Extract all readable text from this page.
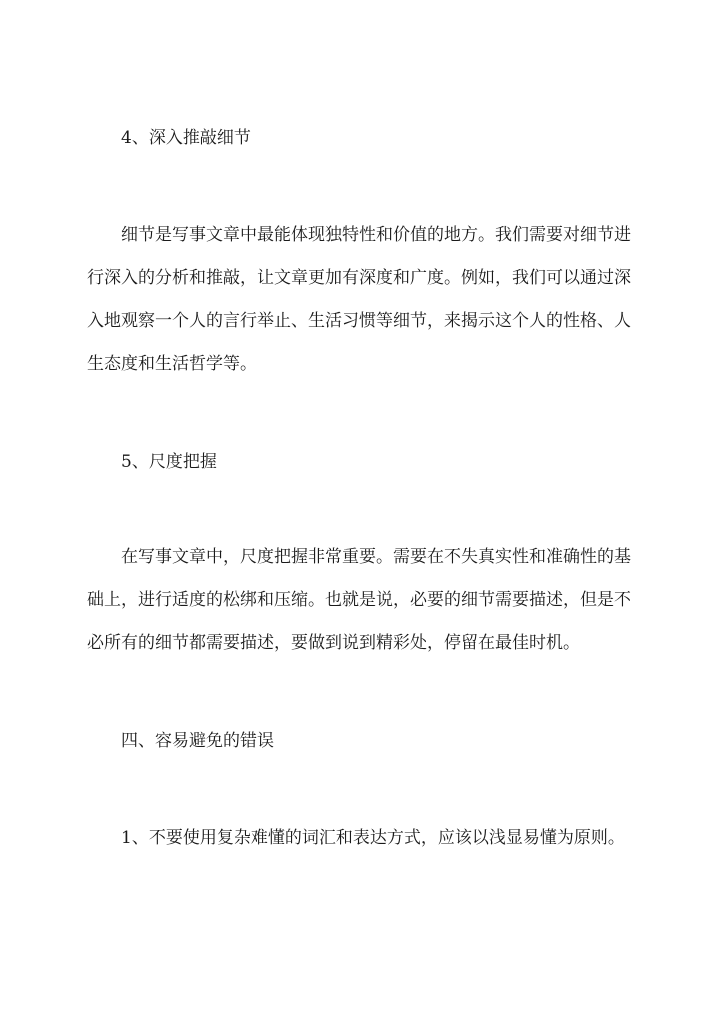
4、深入推敲细节
细节是写事文章中最能体现独特性和价值的地方。我们需要对细节进
行深入的分析和推敲，让文章更加有深度和广度。例如，我们可以通过深
入地观察一个人的言行举止、生活习惯等细节，来揭示这个人的性格、人
生态度和生活哲学等。
5、尺度把握
在写事文章中，尺度把握非常重要。需要在不失真实性和准确性的基
础上，进行适度的松绑和压缩。也就是说，必要的细节需要描述，但是不
必所有的细节都需要描述，要做到说到精彩处，停留在最佳时机。
四、容易避免的错误
1、不要使用复杂难懂的词汇和表达方式，应该以浅显易懂为原则。
